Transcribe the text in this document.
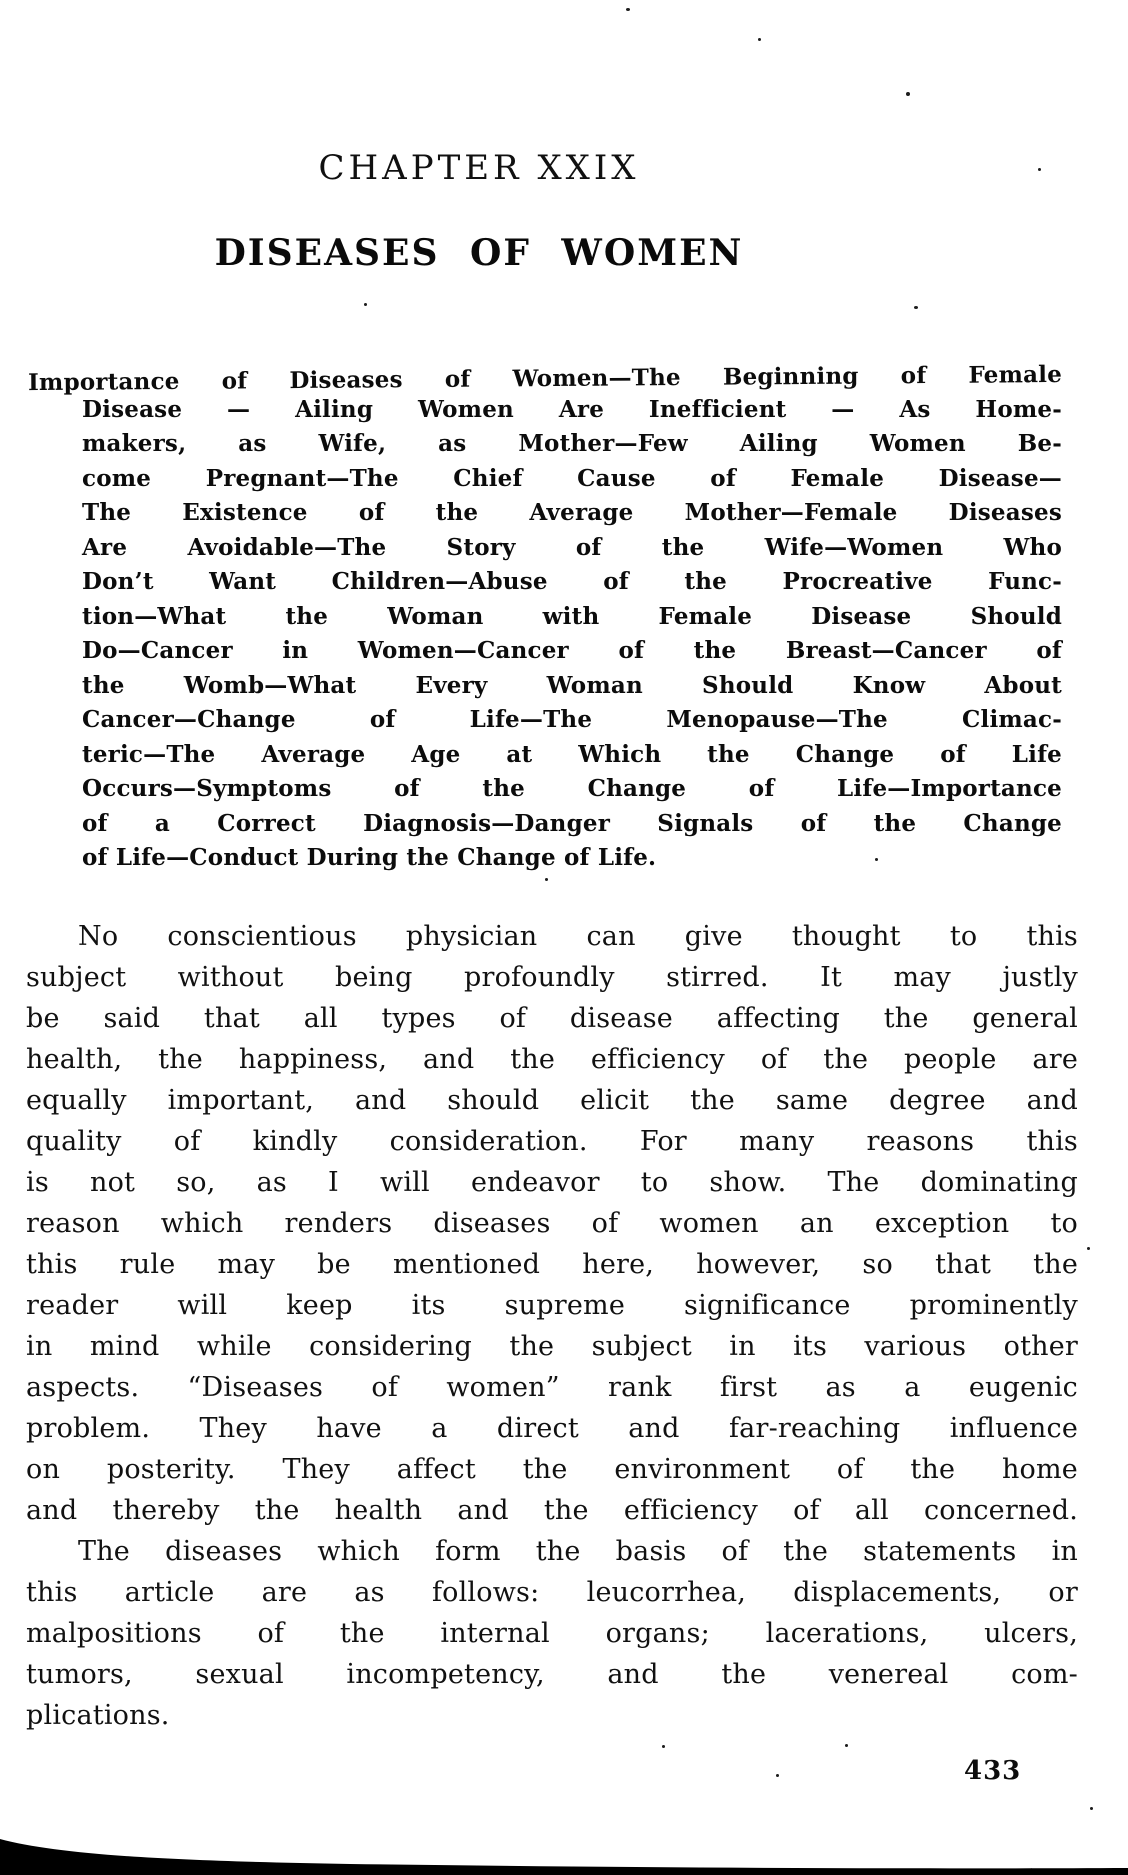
CHAPTER XXIX
DISEASES OF WOMEN
Importance of Diseases of Women—The Beginning of Female
Disease — Ailing Women Are Inefficient — As Home-
makers, as Wife, as Mother—Few Ailing Women Be-
come Pregnant—The Chief Cause of Female Disease—
The Existence of the Average Mother—Female Diseases
Are Avoidable—The Story of the Wife—Women Who
Don’t Want Children—Abuse of the Procreative Func-
tion—What the Woman with Female Disease Should
Do—Cancer in Women—Cancer of the Breast—Cancer of
the Womb—What Every Woman Should Know About
Cancer—Change of Life—The Menopause—The Climac-
teric—The Average Age at Which the Change of Life
Occurs—Symptoms of the Change of Life—Importance
of a Correct Diagnosis—Danger Signals of the Change
of Life—Conduct During the Change of Life.
No conscientious physician can give thought to this
subject without being profoundly stirred. It may justly
be said that all types of disease affecting the general
health, the happiness, and the efficiency of the people are
equally important, and should elicit the same degree and
quality of kindly consideration. For many reasons this
is not so, as I will endeavor to show. The dominating
reason which renders diseases of women an exception to
this rule may be mentioned here, however, so that the
reader will keep its supreme significance prominently
in mind while considering the subject in its various other
aspects. “Diseases of women” rank first as a eugenic
problem. They have a direct and far-reaching influence
on posterity. They affect the environment of the home
and thereby the health and the efficiency of all concerned.
The diseases which form the basis of the statements in
this article are as follows: leucorrhea, displacements, or
malpositions of the internal organs; lacerations, ulcers,
tumors, sexual incompetency, and the venereal com-
plications.
433
